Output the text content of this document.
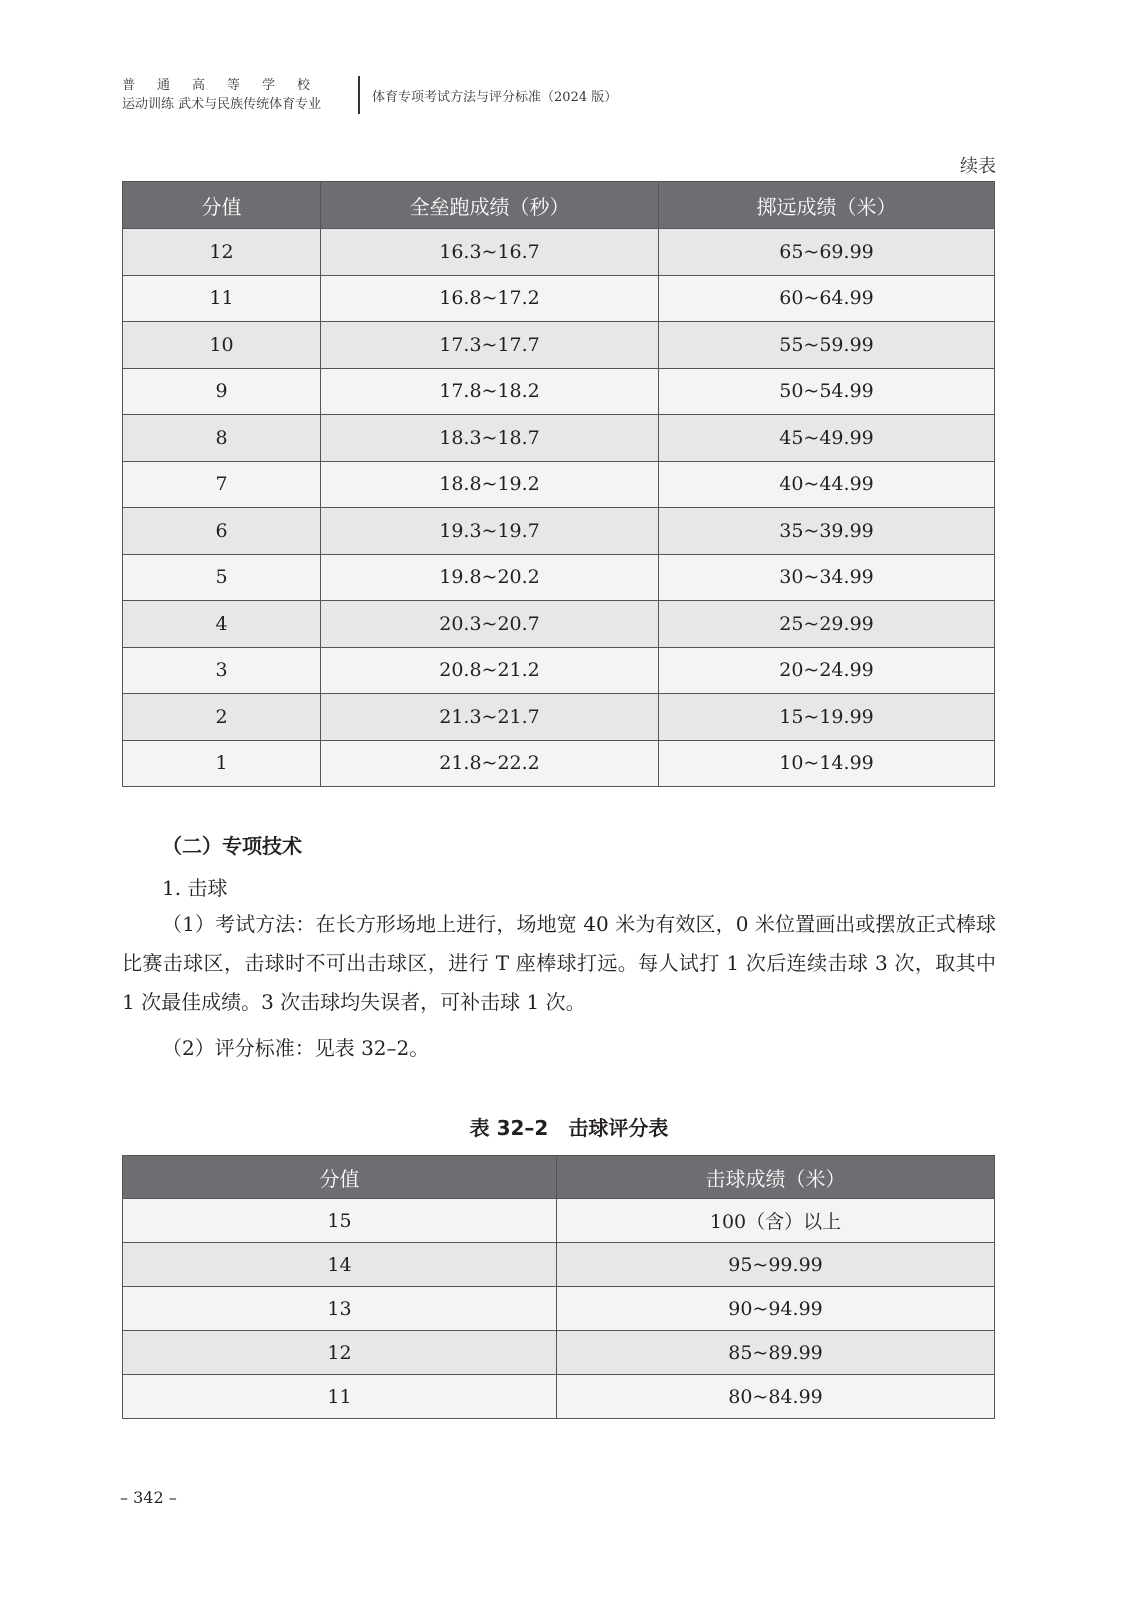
普通高等学校
运动训练 武术与民族传统体育专业	体育专项考试方法与评分标准（2024 版）
续表
分值	全垒跑成绩（秒）	掷远成绩（米）
12	16.3~16.7	65~69.99
11	16.8~17.2	60~64.99
10	17.3~17.7	55~59.99
9	17.8~18.2	50~54.99
8	18.3~18.7	45~49.99
7	18.8~19.2	40~44.99
6	19.3~19.7	35~39.99
5	19.8~20.2	30~34.99
4	20.3~20.7	25~29.99
3	20.8~21.2	20~24.99
2	21.3~21.7	15~19.99
1	21.8~22.2	10~14.99
（二）专项技术
1. 击球
（1）考试方法：在长方形场地上进行，场地宽 40 米为有效区，0 米位置画出或摆放正式棒球比赛击球区，击球时不可出击球区，进行 T 座棒球打远。每人试打 1 次后连续击球 3 次，取其中 1 次最佳成绩。3 次击球均失误者，可补击球 1 次。
（2）评分标准：见表 32–2。
表 32–2　击球评分表
分值	击球成绩（米）
15	100（含）以上
14	95~99.99
13	90~94.99
12	85~89.99
11	80~84.99
– 342 –
